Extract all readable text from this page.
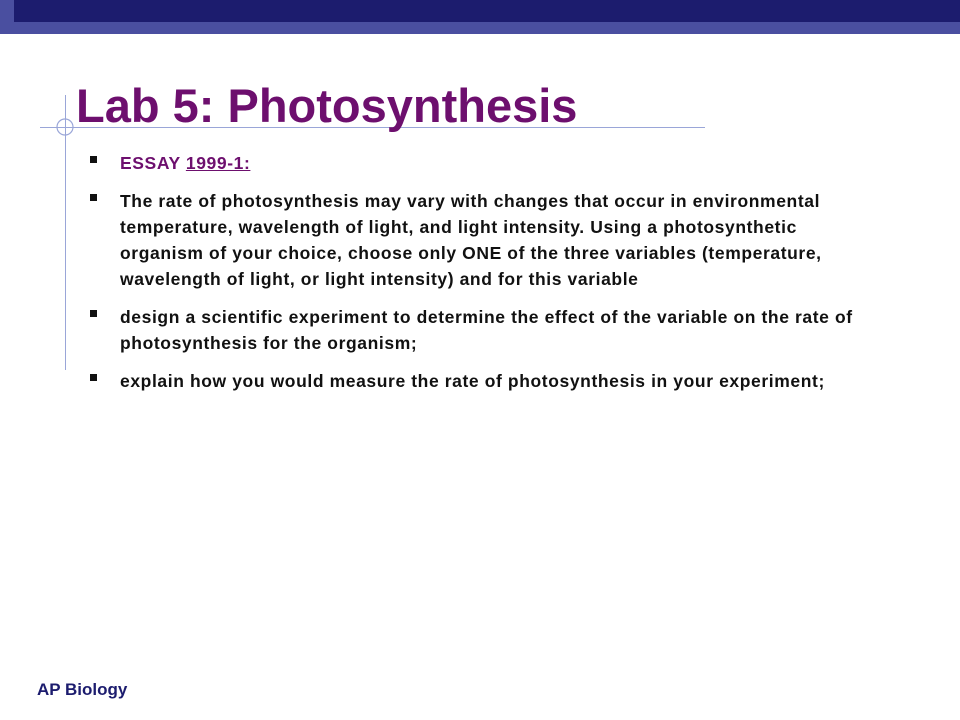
Lab 5: Photosynthesis
ESSAY 1999-1:
The rate of photosynthesis may vary with changes that occur in environmental temperature, wavelength of light, and light intensity. Using a photosynthetic organism of your choice, choose only ONE of the three variables (temperature, wavelength of light, or light intensity) and for this variable
design a scientific experiment to determine the effect of the variable on the rate of photosynthesis for the organism;
explain how you would measure the rate of photosynthesis in your experiment;
AP Biology
